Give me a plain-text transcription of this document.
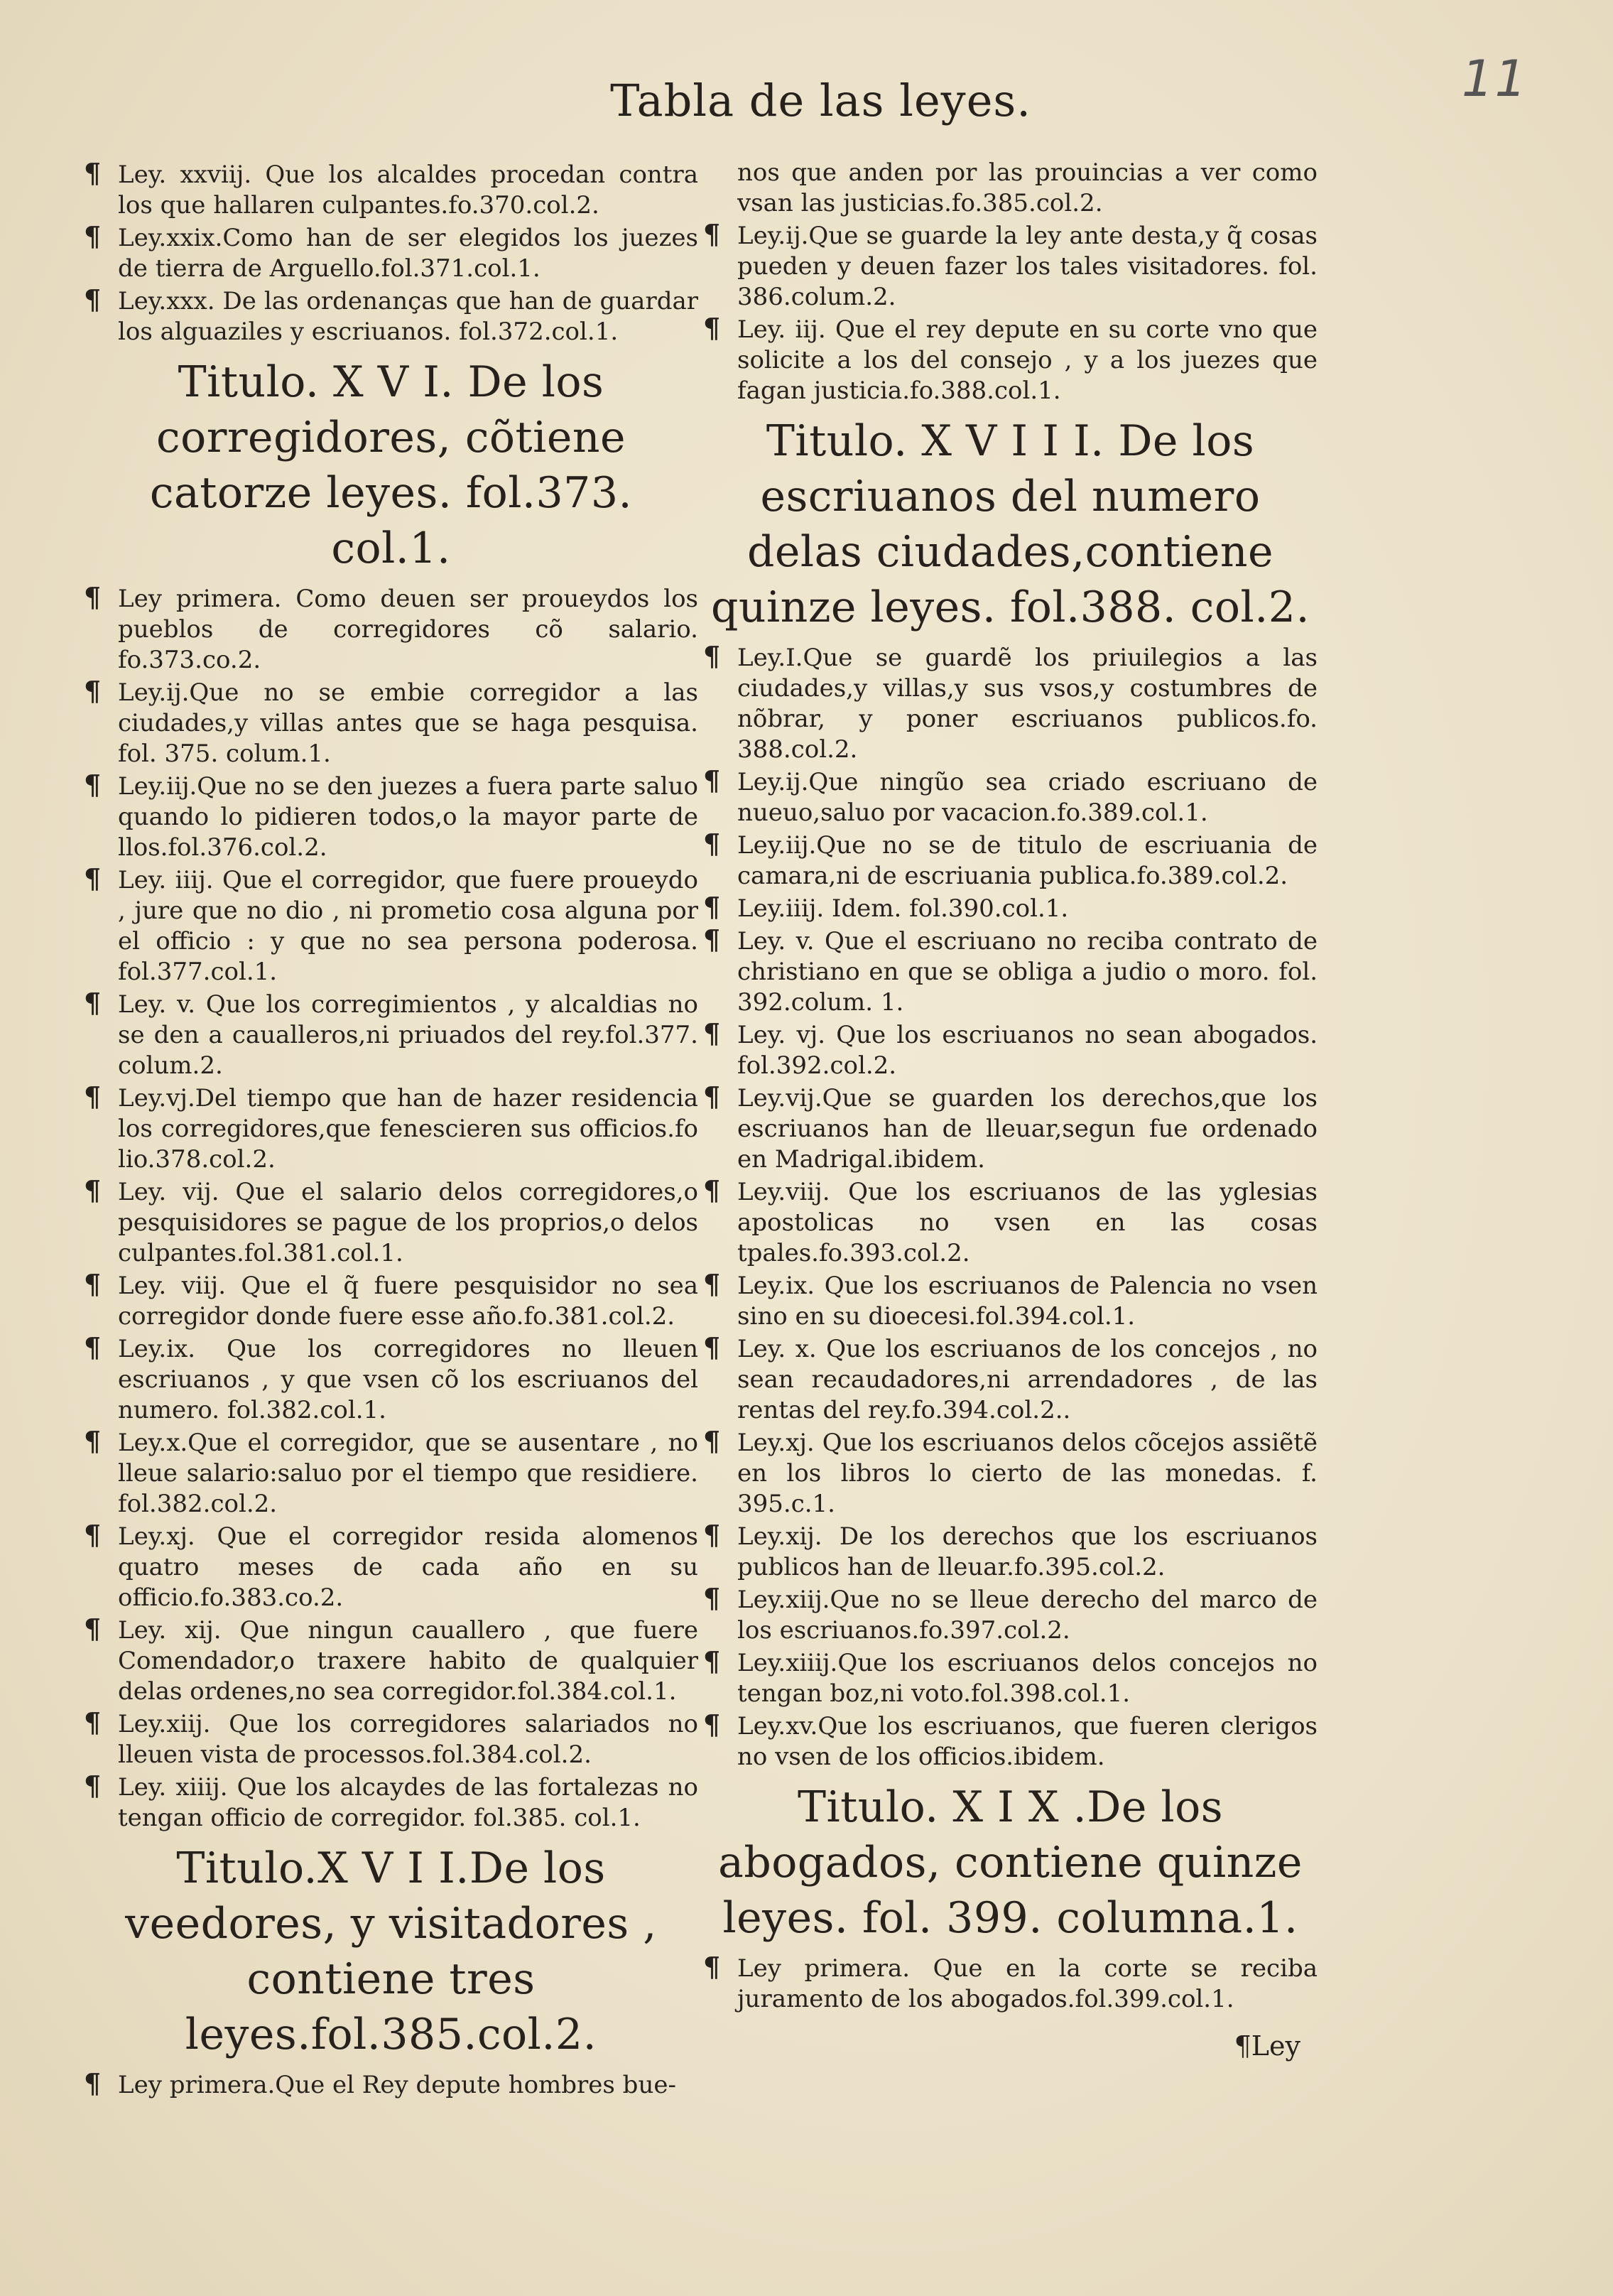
11
Tabla de las leyes.

¶ Ley. xxviij. Que los alcaldes procedan contra los que hallaren culpantes.fo.370.col.2.

¶ Ley.xxix.Como han de ser elegidos los juezes de tierra de Arguello.fol.371.col.1.

¶ Ley.xxx. De las ordenanças que han de guardar los alguaziles y escriuanos. fol.372.col.1.

Titulo. X V I. De los corregidores, cõtiene catorze leyes. fol.373. col.1.

¶ Ley primera. Como deuen ser proueydos los pueblos de corregidores cõ salario. fo.373.co.2.

¶ Ley.ij.Que no se embie corregidor a las ciudades,y villas antes que se haga pesquisa. fol. 375. colum.1.

¶ Ley.iij.Que no se den juezes a fuera parte saluo quando lo pidieren todos,o la mayor parte de llos.fol.376.col.2.

¶ Ley. iiij. Que el corregidor, que fuere proueydo , jure que no dio , ni prometio cosa alguna por el officio : y que no sea persona poderosa. fol.377.col.1.

¶ Ley. v. Que los corregimientos , y alcaldias no se den a caualleros,ni priuados del rey.fol.377. colum.2.

¶ Ley.vj.Del tiempo que han de hazer residencia los corregidores,que fenescieren sus officios.fo lio.378.col.2.

¶ Ley. vij. Que el salario delos corregidores,o pesquisidores se pague de los proprios,o delos culpantes.fol.381.col.1.

¶ Ley. viij. Que el q̃ fuere pesquisidor no sea corregidor donde fuere esse año.fo.381.col.2.

¶ Ley.ix. Que los corregidores no lleuen escriuanos , y que vsen cõ los escriuanos del numero. fol.382.col.1.

¶ Ley.x.Que el corregidor, que se ausentare , no lleue salario:saluo por el tiempo que residiere. fol.382.col.2.

¶ Ley.xj. Que el corregidor resida alomenos quatro meses de cada año en su officio.fo.383.co.2.

¶ Ley. xij. Que ningun cauallero , que fuere Comendador,o traxere habito de qualquier delas ordenes,no sea corregidor.fol.384.col.1.

¶ Ley.xiij. Que los corregidores salariados no lleuen vista de processos.fol.384.col.2.

¶ Ley. xiiij. Que los alcaydes de las fortalezas no tengan officio de corregidor. fol.385. col.1.

Titulo.X V I I.De los veedores, y visitadores , contiene tres leyes.fol.385.col.2.

¶ Ley primera.Que el Rey depute hombres bue-

nos que anden por las prouincias a ver como vsan las justicias.fo.385.col.2.

¶ Ley.ij.Que se guarde la ley ante desta,y q̃ cosas pueden y deuen fazer los tales visitadores. fol. 386.colum.2.

¶ Ley. iij. Que el rey depute en su corte vno que solicite a los del consejo , y a los juezes que fagan justicia.fo.388.col.1.

Titulo. X V I I I. De los escriuanos del numero delas ciudades,contiene quinze leyes. fol.388. col.2.

¶ Ley.I.Que se guardẽ los priuilegios a las ciudades,y villas,y sus vsos,y costumbres de nõbrar, y poner escriuanos publicos.fo. 388.col.2.

¶ Ley.ij.Que ningũo sea criado escriuano de nueuo,saluo por vacacion.fo.389.col.1.

¶ Ley.iij.Que no se de titulo de escriuania de camara,ni de escriuania publica.fo.389.col.2.

¶ Ley.iiij. Idem. fol.390.col.1.

¶ Ley. v. Que el escriuano no reciba contrato de christiano en que se obliga a judio o moro. fol. 392.colum. 1.

¶ Ley. vj. Que los escriuanos no sean abogados. fol.392.col.2.

¶ Ley.vij.Que se guarden los derechos,que los escriuanos han de lleuar,segun fue ordenado en Madrigal.ibidem.

¶ Ley.viij. Que los escriuanos de las yglesias apostolicas no vsen en las cosas tpales.fo.393.col.2.

¶ Ley.ix. Que los escriuanos de Palencia no vsen sino en su dioecesi.fol.394.col.1.

¶ Ley. x. Que los escriuanos de los concejos , no sean recaudadores,ni arrendadores , de las rentas del rey.fo.394.col.2..

¶ Ley.xj. Que los escriuanos delos cõcejos assiẽtẽ en los libros lo cierto de las monedas. f. 395.c.1.

¶ Ley.xij. De los derechos que los escriuanos publicos han de lleuar.fo.395.col.2.

¶ Ley.xiij.Que no se lleue derecho del marco de los escriuanos.fo.397.col.2.

¶ Ley.xiiij.Que los escriuanos delos concejos no tengan boz,ni voto.fol.398.col.1.

¶ Ley.xv.Que los escriuanos, que fueren clerigos no vsen de los officios.ibidem.

Titulo. X I X .De los abogados, contiene quinze leyes. fol. 399. columna.1.

¶ Ley primera. Que en la corte se reciba juramento de los abogados.fol.399.col.1.

¶Ley
